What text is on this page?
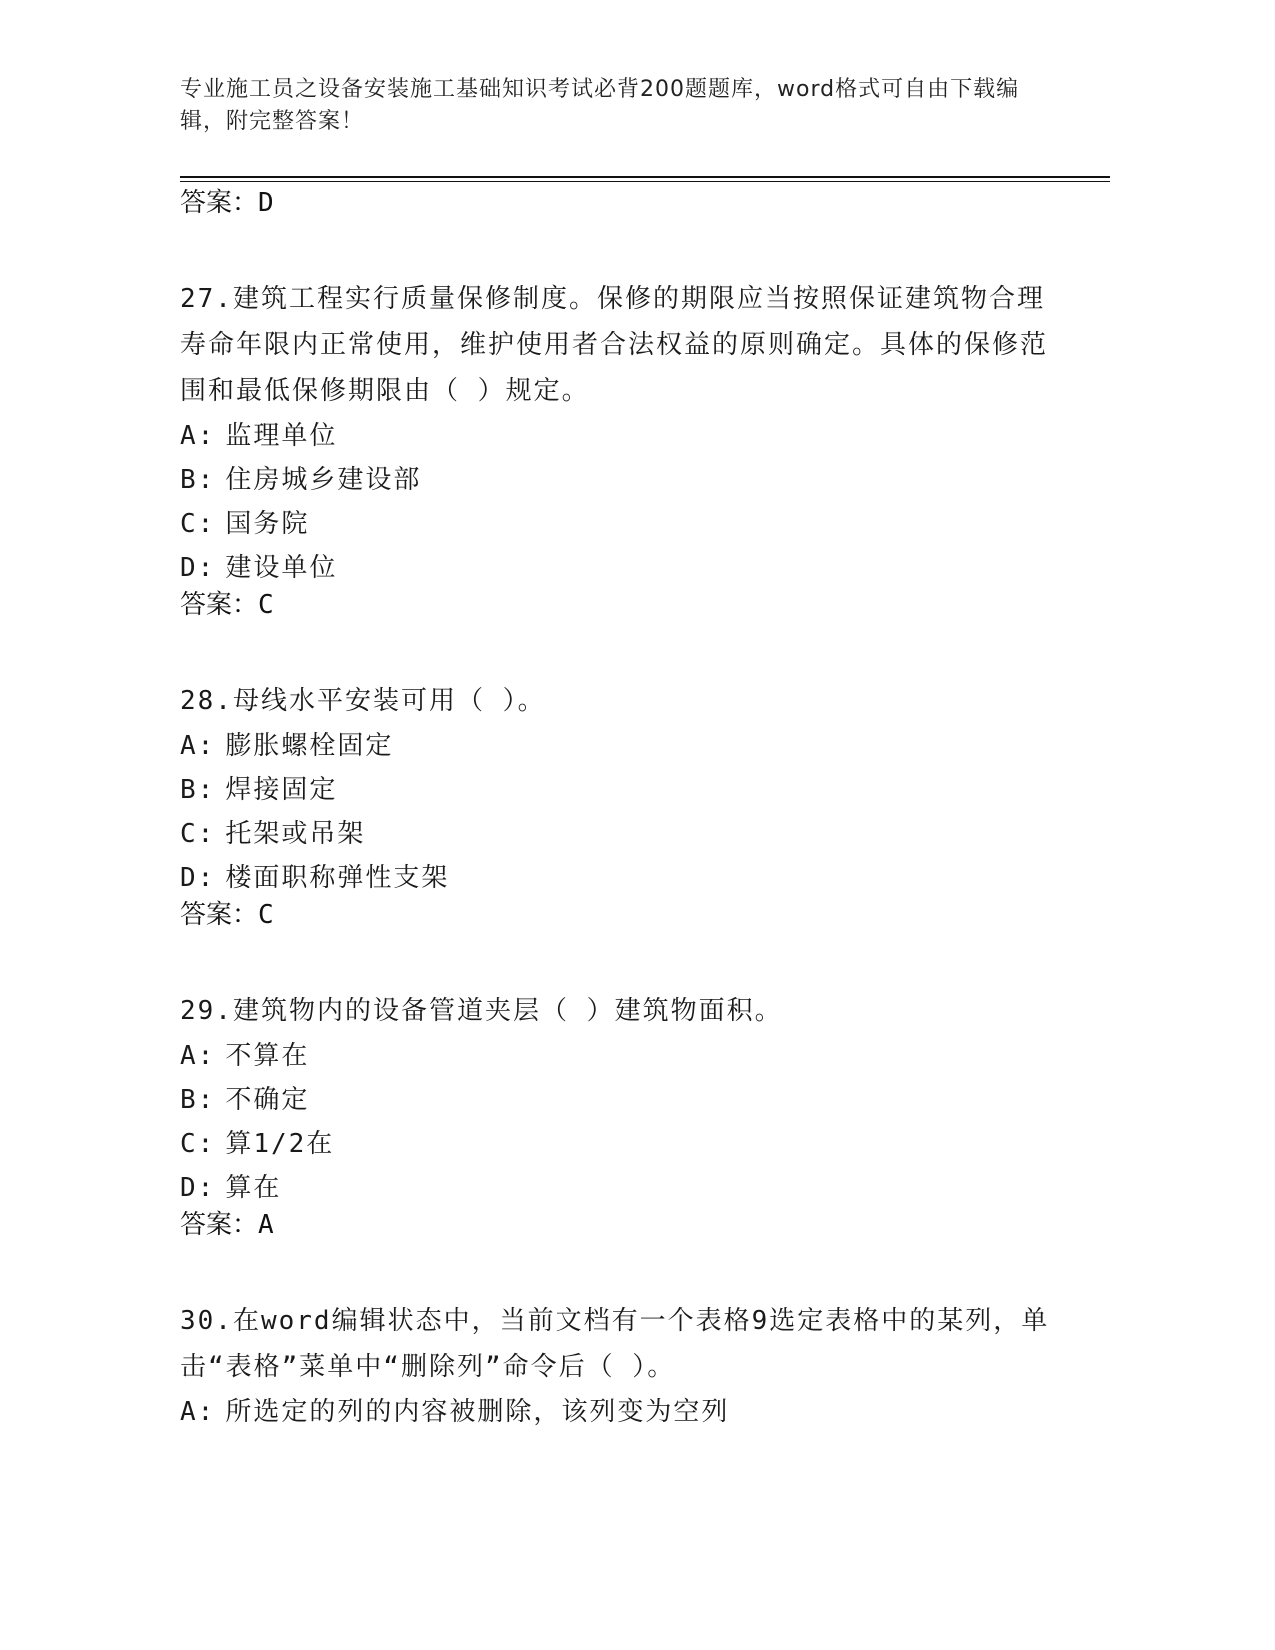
专业施工员之设备安装施工基础知识考试必背200题题库，word格式可自由下载编辑，附完整答案！

答案：D

27.建筑工程实行质量保修制度。保修的期限应当按照保证建筑物合理寿命年限内正常使用，维护使用者合法权益的原则确定。具体的保修范围和最低保修期限由（ ）规定。

A: 监理单位

B: 住房城乡建设部

C: 国务院

D: 建设单位

答案：C

28.母线水平安装可用（ ）。

A: 膨胀螺栓固定

B: 焊接固定

C: 托架或吊架

D: 楼面职称弹性支架

答案：C

29.建筑物内的设备管道夹层（ ）建筑物面积。

A: 不算在

B: 不确定

C: 算1/2在

D: 算在

答案：A

30.在word编辑状态中，当前文档有一个表格9选定表格中的某列，单击“表格”菜单中“删除列”命令后（ ）。

A: 所选定的列的内容被删除，该列变为空列
